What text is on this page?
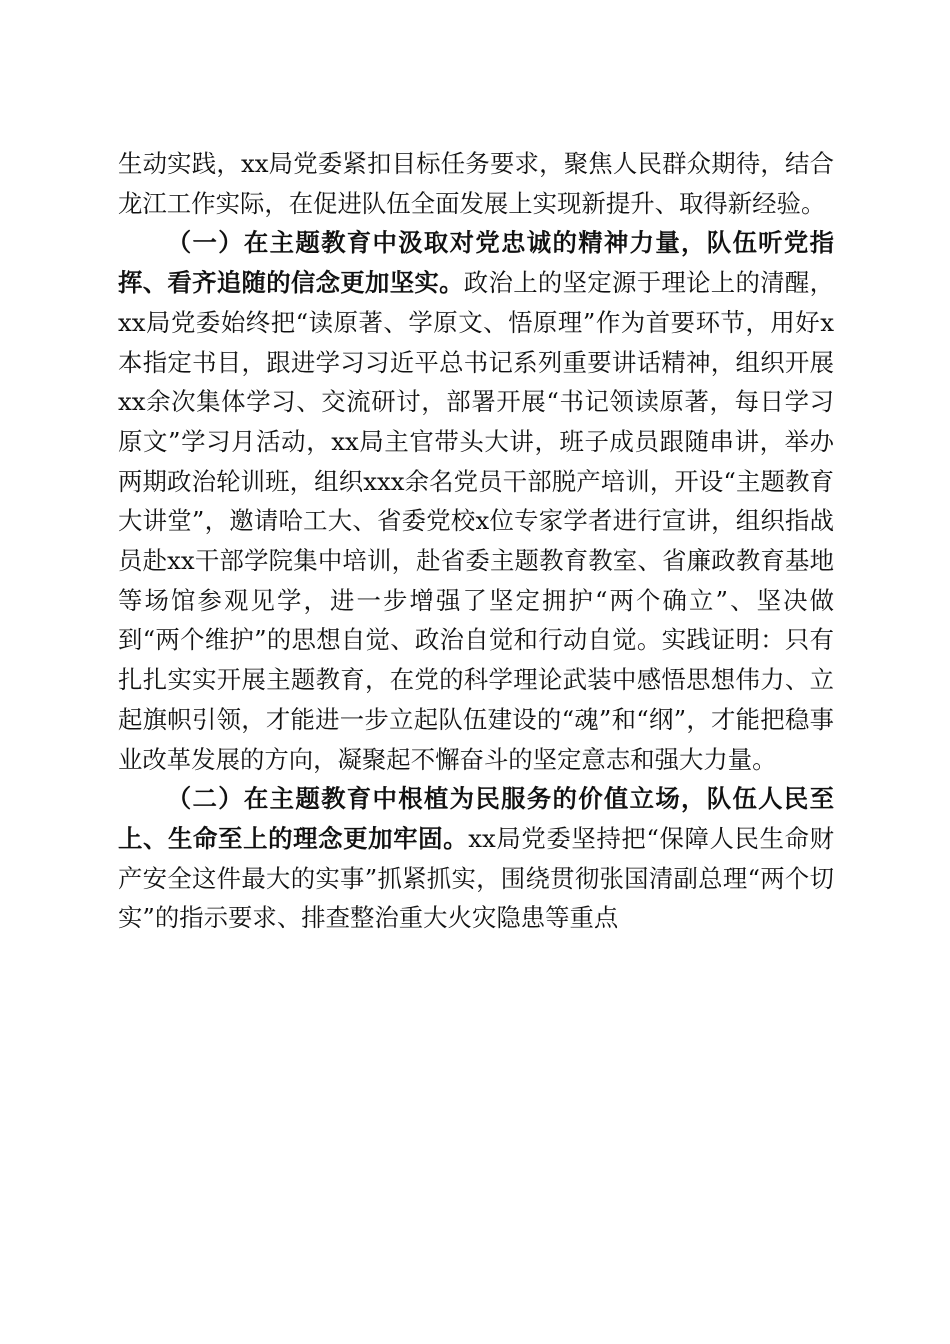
生动实践，xx局党委紧扣目标任务要求，聚焦人民群众期待，结合龙江工作实际，在促进队伍全面发展上实现新提升、取得新经验。

（一）在主题教育中汲取对党忠诚的精神力量，队伍听党指挥、看齐追随的信念更加坚实。政治上的坚定源于理论上的清醒，xx局党委始终把“读原著、学原文、悟原理”作为首要环节，用好x本指定书目，跟进学习习近平总书记系列重要讲话精神，组织开展xx余次集体学习、交流研讨，部署开展“书记领读原著，每日学习原文”学习月活动，xx局主官带头大讲，班子成员跟随串讲，举办两期政治轮训班，组织xxx余名党员干部脱产培训，开设“主题教育大讲堂”，邀请哈工大、省委党校x位专家学者进行宣讲，组织指战员赴xx干部学院集中培训，赴省委主题教育教室、省廉政教育基地等场馆参观见学，进一步增强了坚定拥护“两个确立”、坚决做到“两个维护”的思想自觉、政治自觉和行动自觉。实践证明：只有扎扎实实开展主题教育，在党的科学理论武装中感悟思想伟力、立起旗帜引领，才能进一步立起队伍建设的“魂”和“纲”，才能把稳事业改革发展的方向，凝聚起不懈奋斗的坚定意志和强大力量。

（二）在主题教育中根植为民服务的价值立场，队伍人民至上、生命至上的理念更加牢固。xx局党委坚持把“保障人民生命财产安全这件最大的实事”抓紧抓实，围绕贯彻张国清副总理“两个切实”的指示要求、排查整治重大火灾隐患等重点
